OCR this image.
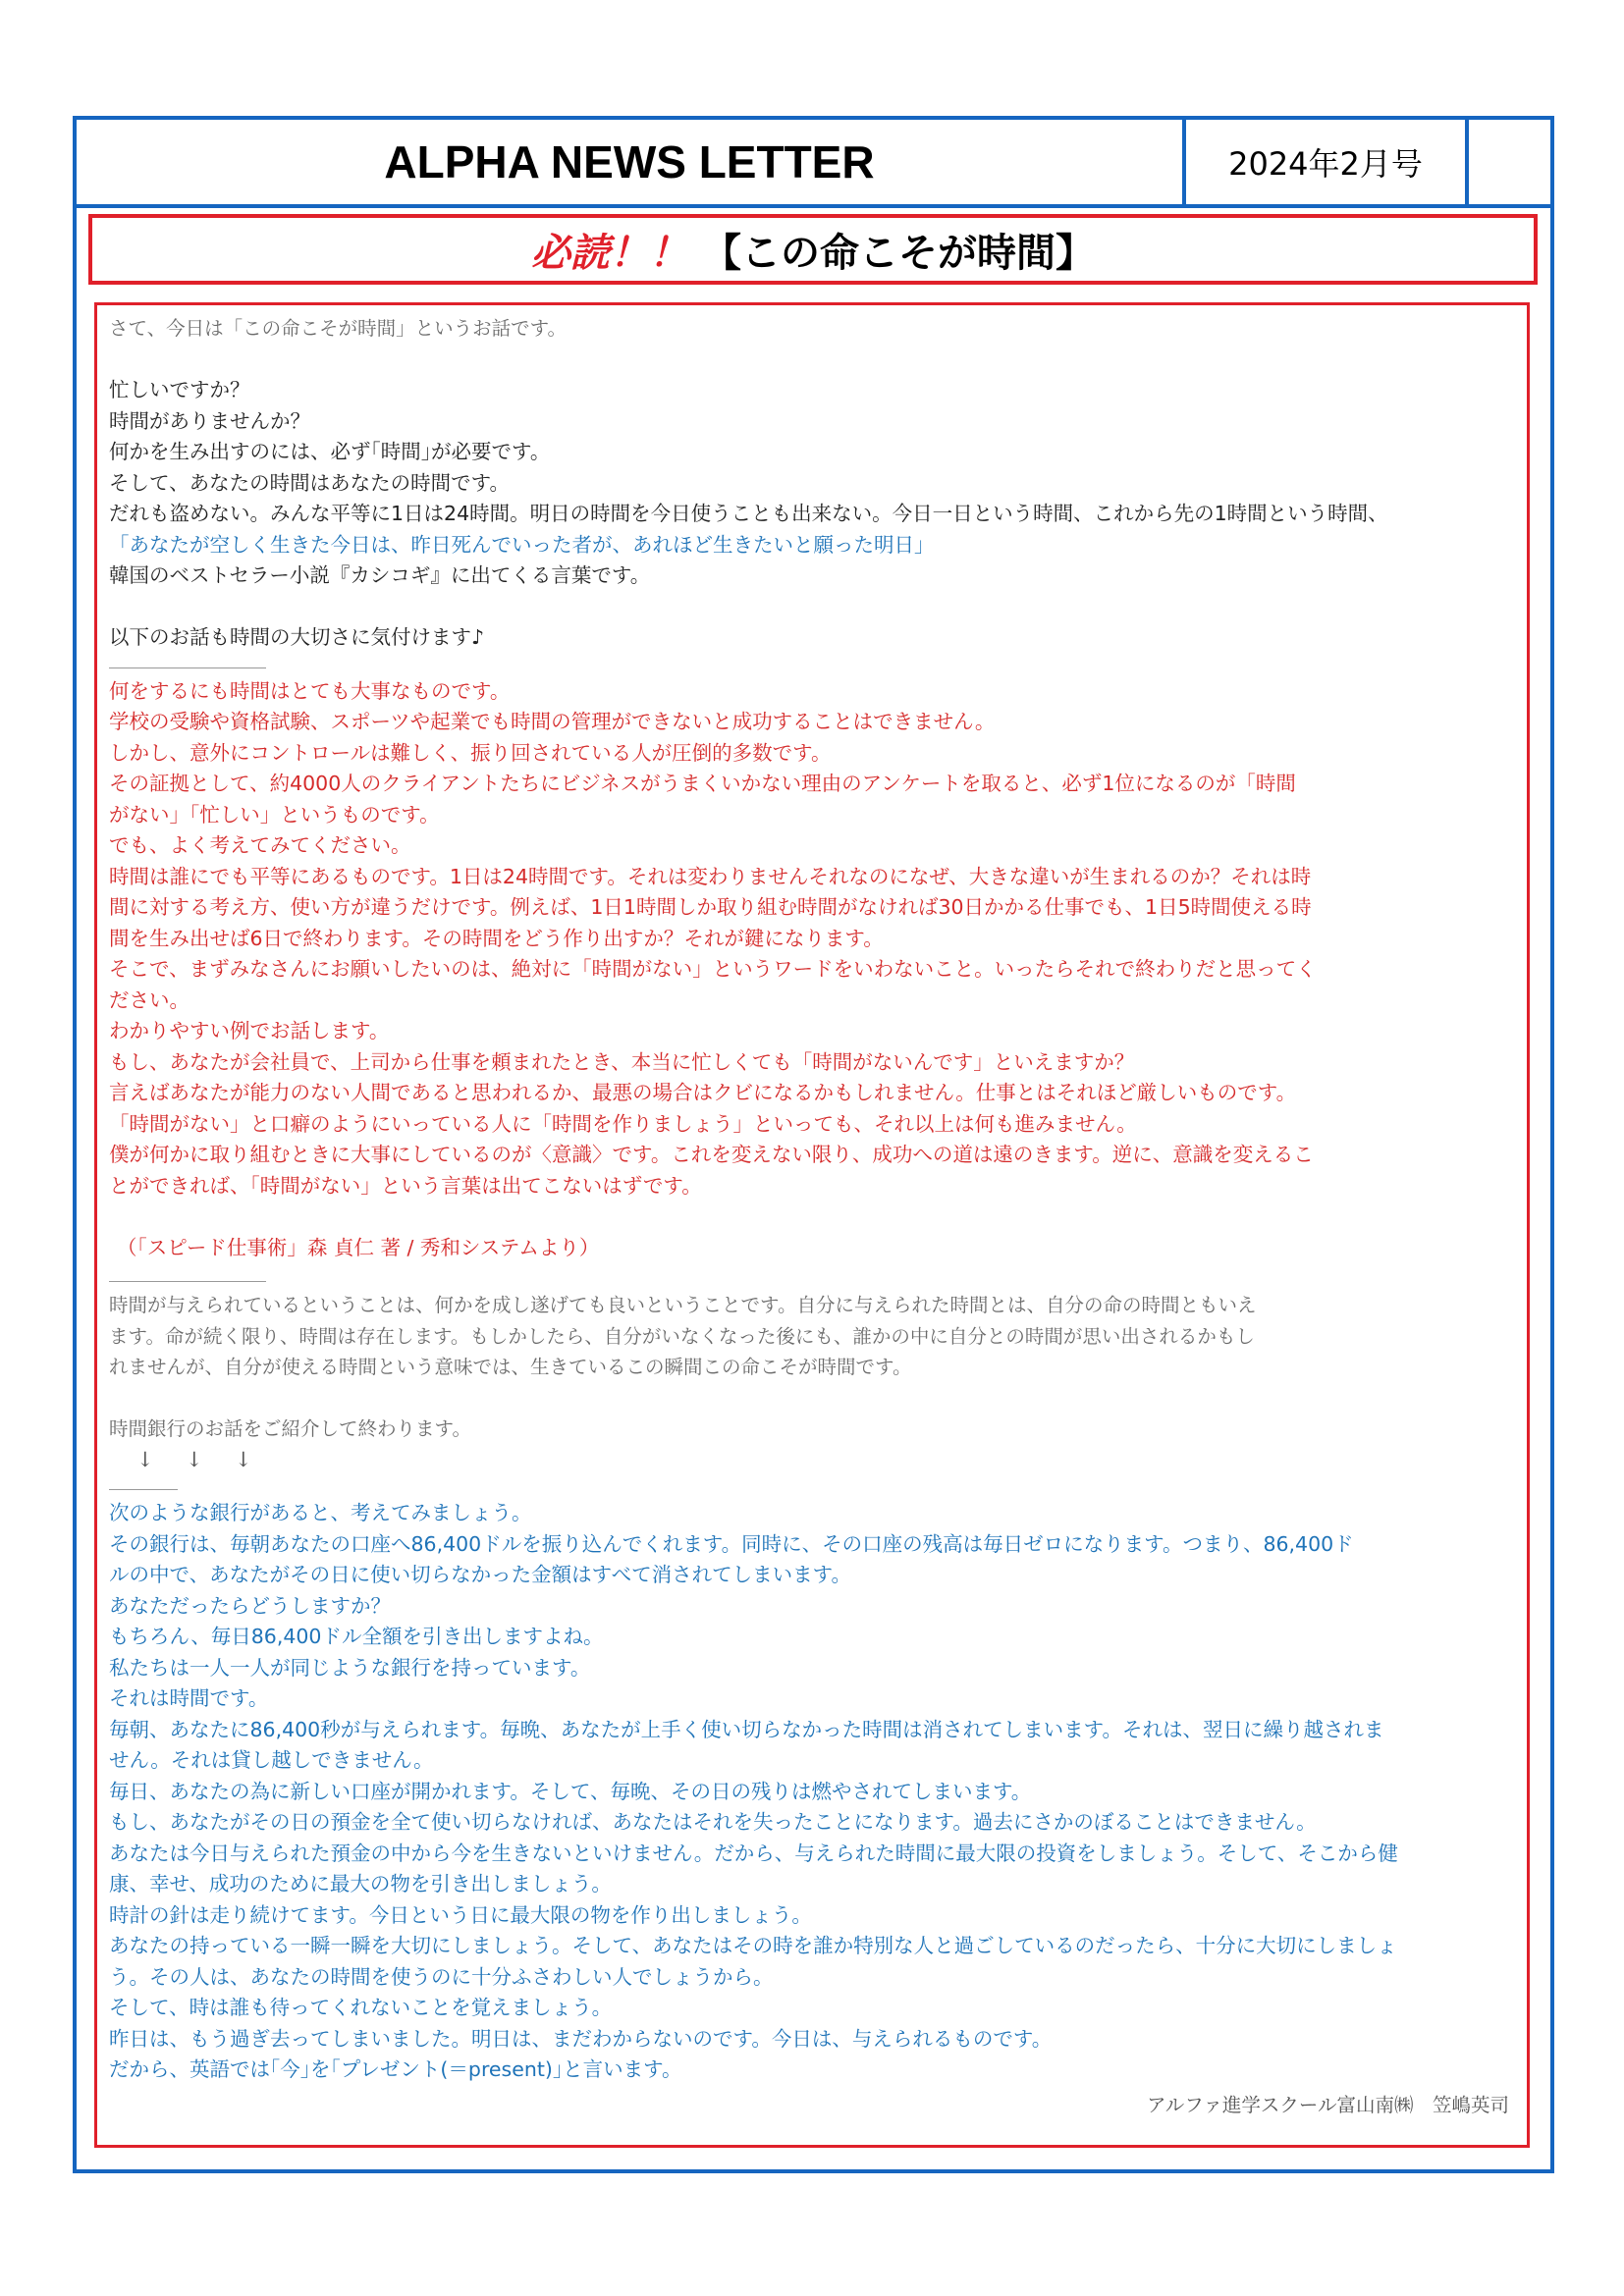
ALPHA NEWS LETTER	2024年2月号
必読！！ 【この命こそが時間】

さて、今日は「この命こそが時間」というお話です。

忙しいですか？

時間がありませんか？

何かを生み出すのには、必ず｢時間｣が必要です。

そして、あなたの時間はあなたの時間です。

だれも盗めない。みんな平等に1日は24時間。明日の時間を今日使うことも出来ない。今日一日という時間、これから先の1時間という時間、

「あなたが空しく生きた今日は、昨日死んでいった者が、あれほど生きたいと願った明日」

韓国のベストセラー小説『カシコギ』に出てくる言葉です。

以下のお話も時間の大切さに気付けます♪

何をするにも時間はとても大事なものです。

学校の受験や資格試験、スポーツや起業でも時間の管理ができないと成功することはできません。

しかし、意外にコントロールは難しく、振り回されている人が圧倒的多数です。

その証拠として、約4000人のクライアントたちにビジネスがうまくいかない理由のアンケートを取ると、必ず1位になるのが「時間

がない」「忙しい」というものです。

でも、よく考えてみてください。

時間は誰にでも平等にあるものです。1日は24時間です。それは変わりませんそれなのになぜ、大きな違いが生まれるのか？それは時

間に対する考え方、使い方が違うだけです。例えば、1日1時間しか取り組む時間がなければ30日かかる仕事でも、1日5時間使える時

間を生み出せば6日で終わります。その時間をどう作り出すか？それが鍵になります。

そこで、まずみなさんにお願いしたいのは、絶対に「時間がない」というワードをいわないこと。いったらそれで終わりだと思ってく

ださい。

わかりやすい例でお話します。

もし、あなたが会社員で、上司から仕事を頼まれたとき、本当に忙しくても「時間がないんです」といえますか？

言えばあなたが能力のない人間であると思われるか、最悪の場合はクビになるかもしれません。仕事とはそれほど厳しいものです。

「時間がない」と口癖のようにいっている人に「時間を作りましょう」といっても、それ以上は何も進みません。

僕が何かに取り組むときに大事にしているのが〈意識〉です。これを変えない限り、成功への道は遠のきます。逆に、意識を変えるこ

とができれば、「時間がない」という言葉は出てこないはずです。

（「スピード仕事術」森 貞仁 著 / 秀和システムより）

時間が与えられているということは、何かを成し遂げても良いということです。自分に与えられた時間とは、自分の命の時間ともいえ

ます。命が続く限り、時間は存在します。もしかしたら、自分がいなくなった後にも、誰かの中に自分との時間が思い出されるかもし

れませんが、自分が使える時間という意味では、生きているこの瞬間この命こそが時間です。

時間銀行のお話をご紹介して終わります。

↓ ↓ ↓

次のような銀行があると、考えてみましょう。

その銀行は、毎朝あなたの口座へ86,400ドルを振り込んでくれます。同時に、その口座の残高は毎日ゼロになります。つまり、86,400ド

ルの中で、あなたがその日に使い切らなかった金額はすべて消されてしまいます。

あなただったらどうしますか？

もちろん、毎日86,400ドル全額を引き出しますよね。

私たちは一人一人が同じような銀行を持っています。

それは時間です。

毎朝、あなたに86,400秒が与えられます。毎晩、あなたが上手く使い切らなかった時間は消されてしまいます。それは、翌日に繰り越されま

せん。それは貸し越しできません。

毎日、あなたの為に新しい口座が開かれます。そして、毎晩、その日の残りは燃やされてしまいます。

もし、あなたがその日の預金を全て使い切らなければ、あなたはそれを失ったことになります。過去にさかのぼることはできません。

あなたは今日与えられた預金の中から今を生きないといけません。だから、与えられた時間に最大限の投資をしましょう。そして、そこから健

康、幸せ、成功のために最大の物を引き出しましょう。

時計の針は走り続けてます。今日という日に最大限の物を作り出しましょう。

あなたの持っている一瞬一瞬を大切にしましょう。そして、あなたはその時を誰か特別な人と過ごしているのだったら、十分に大切にしましょ

う。その人は、あなたの時間を使うのに十分ふさわしい人でしょうから。

そして、時は誰も待ってくれないことを覚えましょう。

昨日は、もう過ぎ去ってしまいました。明日は、まだわからないのです。今日は、与えられるものです。

だから、英語では｢今｣を｢プレゼント(＝present)｣と言います。

アルファ進学スクール富山南㈱　笠嶋英司
